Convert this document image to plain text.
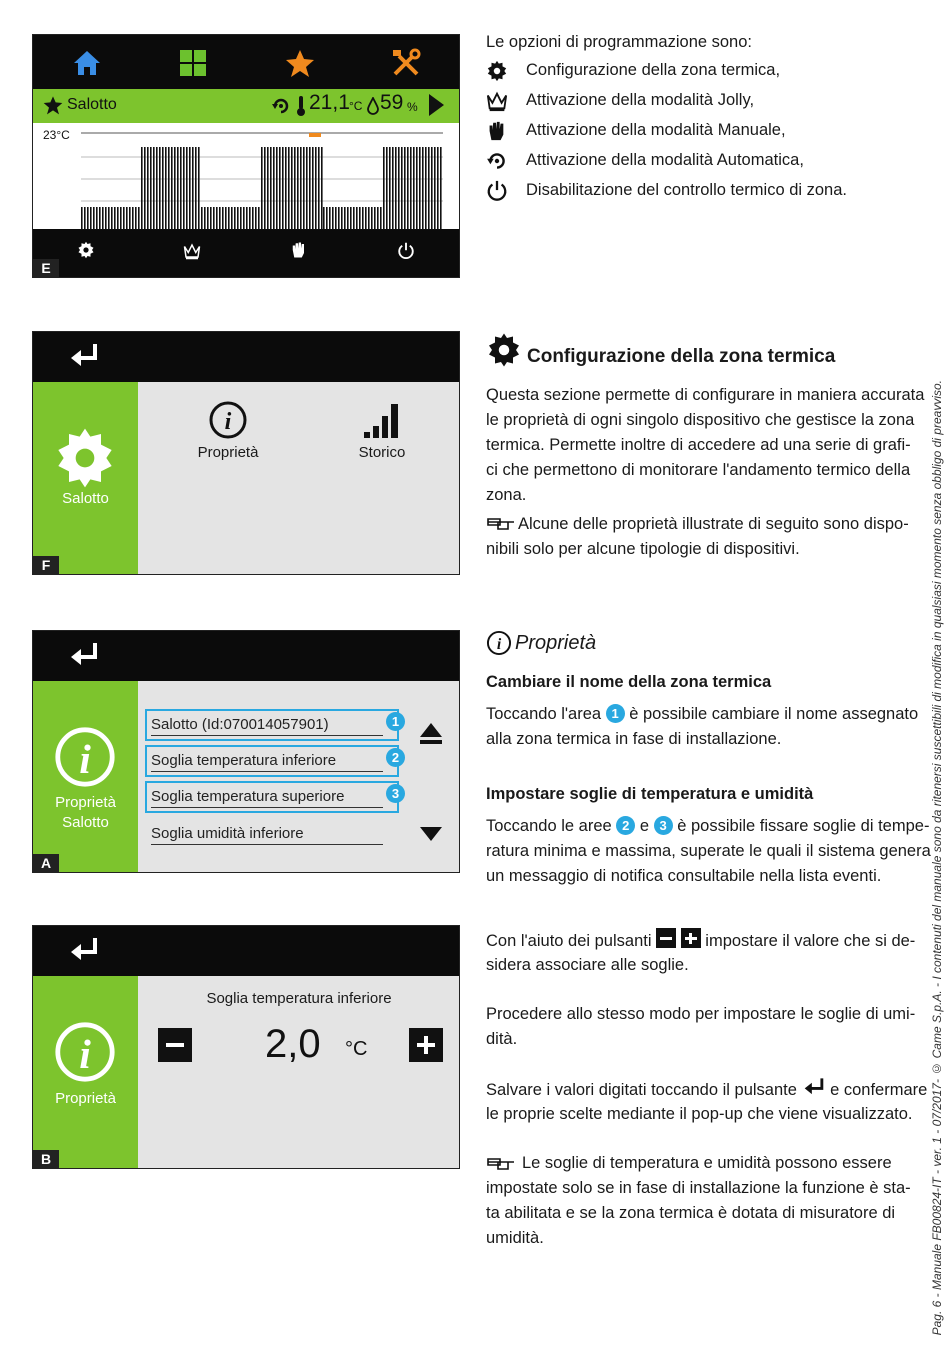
Salotto	21,1 °C 59 %
23°C
E
Le opzioni di programmazione sono:
Configurazione della zona termica,
Attivazione della modalità Jolly,
Attivazione della modalità Manuale,
Attivazione della modalità Automatica,
Disabilitazione del controllo termico di zona.
Salotto
i
Proprietà	Storico
F
Configurazione della zona termica
Questa sezione permette di configurare in maniera accurata
le proprietà di ogni singolo dispositivo che gestisce la zona
termica. Permette inoltre di accedere ad una serie di grafi-
ci che permettono di monitorare l'andamento termico della
zona.
Alcune delle proprietà illustrate di seguito sono dispo-
nibili solo per alcune tipologie di dispositivi.
i
Proprietà
Salotto
Salotto (Id:070014057901)
Soglia temperatura inferiore
Soglia temperatura superiore
Soglia umidità inferiore
1
2
3
A
i Proprietà
Cambiare il nome della zona termica
Toccando l'area 1 è possibile cambiare il nome assegnato
alla zona termica in fase di installazione.
Impostare soglie di temperatura e umidità
Toccando le aree 2 e 3 è possibile fissare soglie di tempe-
ratura minima e massima, superate le quali il sistema genera
un messaggio di notifica consultabile nella lista eventi.
i
Proprietà
Soglia temperatura inferiore
2,0 °C
B
Con l'aiuto dei pulsanti
	impostare il valore che si de-
sidera associare alle soglie.
Procedere allo stesso modo per impostare le soglie di umi-
dità.
Salvare i valori digitati toccando il pulsante e confermare
le proprie scelte mediante il pop-up che viene visualizzato.
Le soglie di temperatura e umidità possono essere
impostate solo se in fase di installazione la funzione è sta-
ta abilitata e se la zona termica è dotata di misuratore di
umidità.	Pag. 6 - Manuale FB00824-IT - ver. 1 - 07/2017- © Came S.p.A. - I contenuti del manuale sono da ritenersi suscettibili di modifica in qualsiasi momento senza obbligo di preavviso.
